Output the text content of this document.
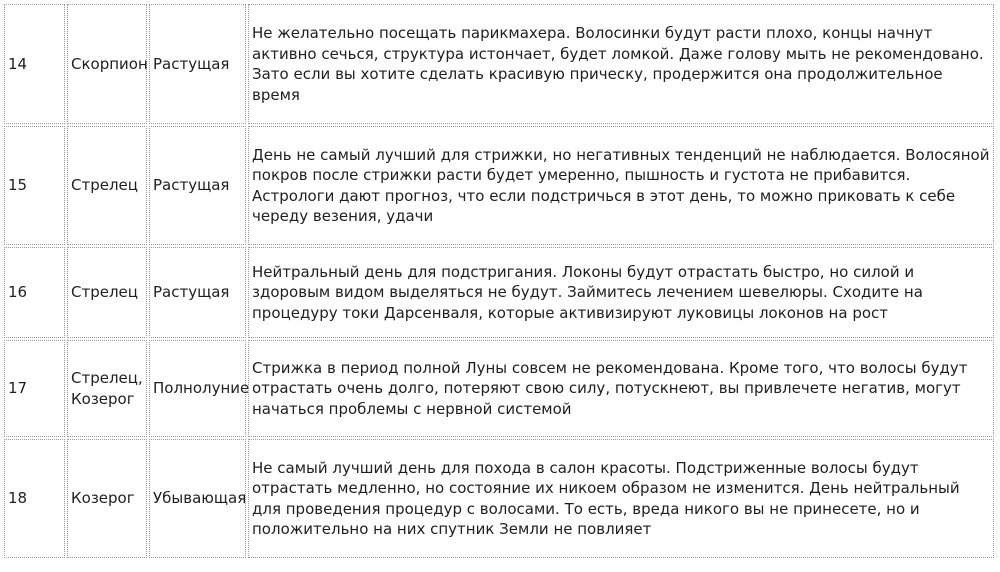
14	Скорпион	Растущая	Не желательно посещать парикмахера. Волосинки будут расти плохо, концы начнут активно сечься, структура истончает, будет ломкой. Даже голову мыть не рекомендовано. Зато если вы хотите сделать красивую прическу, продержится она продолжительное время
15	Стрелец	Растущая	День не самый лучший для стрижки, но негативных тенденций не наблюдается. Волосяной покров после стрижки расти будет умеренно, пышность и густота не прибавится. Астрологи дают прогноз, что если подстричься в этот день, то можно приковать к себе череду везения, удачи
16	Стрелец	Растущая	Нейтральный день для подстригания. Локоны будут отрастать быстро, но силой и здоровым видом выделяться не будут. Займитесь лечением шевелюры. Сходите на процедуру токи Дарсенваля, которые активизируют луковицы локонов на рост
17	Стрелец, Козерог	Полнолуние	Стрижка в период полной Луны совсем не рекомендована. Кроме того, что волосы будут отрастать очень долго, потеряют свою силу, потускнеют, вы привлечете негатив, могут начаться проблемы с нервной системой
18	Козерог	Убывающая	Не самый лучший день для похода в салон красоты. Подстриженные волосы будут отрастать медленно, но состояние их никоем образом не изменится. День нейтральный для проведения процедур с волосами. То есть, вреда никого вы не принесете, но и положительно на них спутник Земли не повлияет
